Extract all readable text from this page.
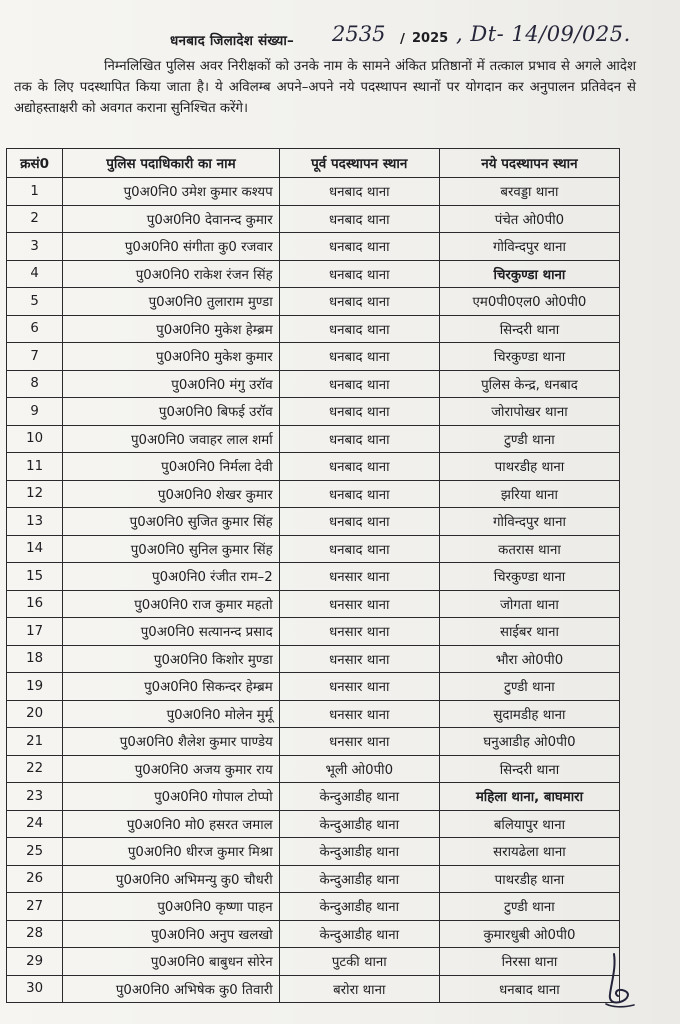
धनबाद जिलादेश संख्या– 2535 / 2025 , Dt- 14/09/025.
निम्नलिखित पुलिस अवर निरीक्षकों को उनके नाम के सामने अंकित प्रतिष्ठानों में तत्काल प्रभाव से अगले आदेश तक के लिए पदस्थापित किया जाता है। ये अविलम्ब अपने–अपने नये पदस्थापन स्थानों पर योगदान कर अनुपालन प्रतिवेदन से अद्योहस्ताक्षरी को अवगत कराना सुनिश्चित करेंगे।
क्रसं0	पुलिस पदाधिकारी का नाम	पूर्व पदस्थापन स्थान	नये पदस्थापन स्थान
1	पु0अ0नि0 उमेश कुमार कश्यप	धनबाद थाना	बरवड्डा थाना
2	पु0अ0नि0 देवानन्द कुमार	धनबाद थाना	पंचेत ओ0पी0
3	पु0अ0नि0 संगीता कु0 रजवार	धनबाद थाना	गोविन्दपुर थाना
4	पु0अ0नि0 राकेश रंजन सिंह	धनबाद थाना	चिरकुण्डा थाना
5	पु0अ0नि0 तुलाराम मुण्डा	धनबाद थाना	एम0पी0एल0 ओ0पी0
6	पु0अ0नि0 मुकेश हेम्ब्रम	धनबाद थाना	सिन्दरी थाना
7	पु0अ0नि0 मुकेश कुमार	धनबाद थाना	चिरकुण्डा थाना
8	पु0अ0नि0 मंगु उरॉव	धनबाद थाना	पुलिस केन्द्र, धनबाद
9	पु0अ0नि0 बिफई उरॉव	धनबाद थाना	जोरापोखर थाना
10	पु0अ0नि0 जवाहर लाल शर्मा	धनबाद थाना	टुण्डी थाना
11	पु0अ0नि0 निर्मला देवी	धनबाद थाना	पाथरडीह थाना
12	पु0अ0नि0 शेखर कुमार	धनबाद थाना	झरिया थाना
13	पु0अ0नि0 सुजित कुमार सिंह	धनबाद थाना	गोविन्दपुर थाना
14	पु0अ0नि0 सुनिल कुमार सिंह	धनबाद थाना	कतरास थाना
15	पु0अ0नि0 रंजीत राम–2	धनसार थाना	चिरकुण्डा थाना
16	पु0अ0नि0 राज कुमार महतो	धनसार थाना	जोगता थाना
17	पु0अ0नि0 सत्यानन्द प्रसाद	धनसार थाना	साईबर थाना
18	पु0अ0नि0 किशोर मुण्डा	धनसार थाना	भौरा ओ0पी0
19	पु0अ0नि0 सिकन्दर हेम्ब्रम	धनसार थाना	टुण्डी थाना
20	पु0अ0नि0 मोलेन मुर्मू	धनसार थाना	सुदामडीह थाना
21	पु0अ0नि0 शैलेश कुमार पाण्डेय	धनसार थाना	घनुआडीह ओ0पी0
22	पु0अ0नि0 अजय कुमार राय	भूली ओ0पी0	सिन्दरी थाना
23	पु0अ0नि0 गोपाल टोप्पो	केन्दुआडीह थाना	महिला थाना, बाघमारा
24	पु0अ0नि0 मो0 हसरत जमाल	केन्दुआडीह थाना	बलियापुर थाना
25	पु0अ0नि0 धीरज कुमार मिश्रा	केन्दुआडीह थाना	सरायढेला थाना
26	पु0अ0नि0 अभिमन्यु कु0 चौधरी	केन्दुआडीह थाना	पाथरडीह थाना
27	पु0अ0नि0 कृष्णा पाहन	केन्दुआडीह थाना	टुण्डी थाना
28	पु0अ0नि0 अनुप खलखो	केन्दुआडीह थाना	कुमारधुबी ओ0पी0
29	पु0अ0नि0 बाबुधन सोरेन	पुटकी थाना	निरसा थाना
30	पु0अ0नि0 अभिषेक कु0 तिवारी	बरोरा थाना	धनबाद थाना
